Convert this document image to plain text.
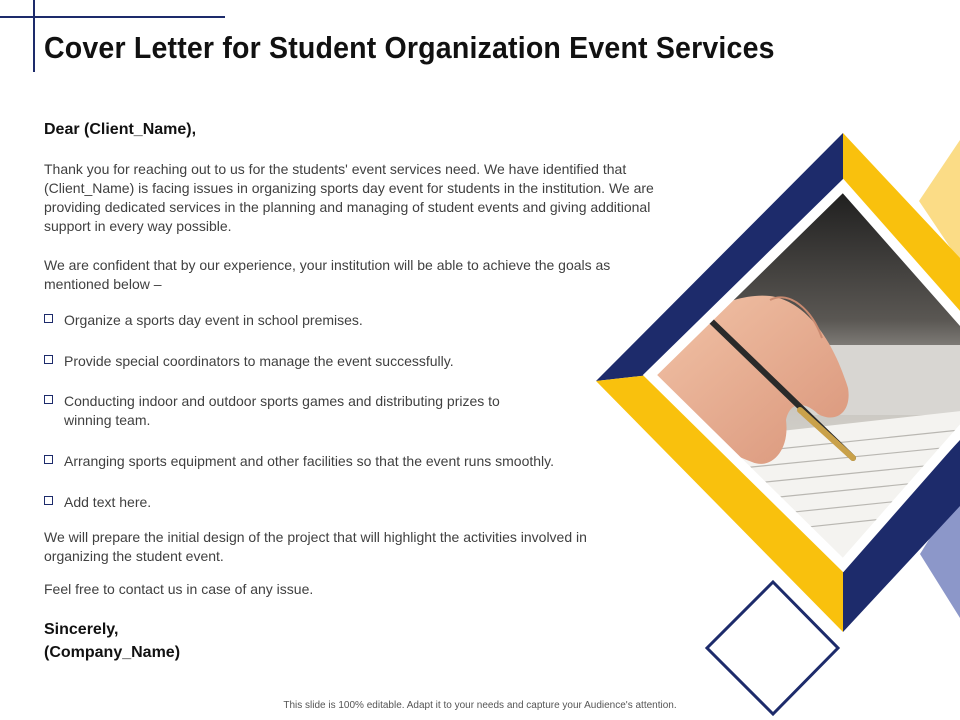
Cover Letter for Student Organization Event Services
Dear (Client_Name),

Thank you for reaching out to us for the students' event services need. We have identified that (Client_Name) is facing issues in organizing sports day event for students in the institution. We are providing dedicated services in the planning and managing of student events and giving additional support in every way possible.

We are confident that by our experience, your institution will be able to achieve the goals as mentioned below –

Organize a sports day event in school premises.
Provide special coordinators to manage the event successfully.
Conducting indoor and outdoor sports games and distributing prizes to winning team.
Arranging sports equipment and other facilities so that the event runs smoothly.
Add text here.

We will prepare the initial design of the project that will highlight the activities involved in organizing the student event.

Feel free to contact us in case of any issue.

Sincerely,
(Company_Name)
This slide is 100% editable. Adapt it to your needs and capture your Audience's attention.
